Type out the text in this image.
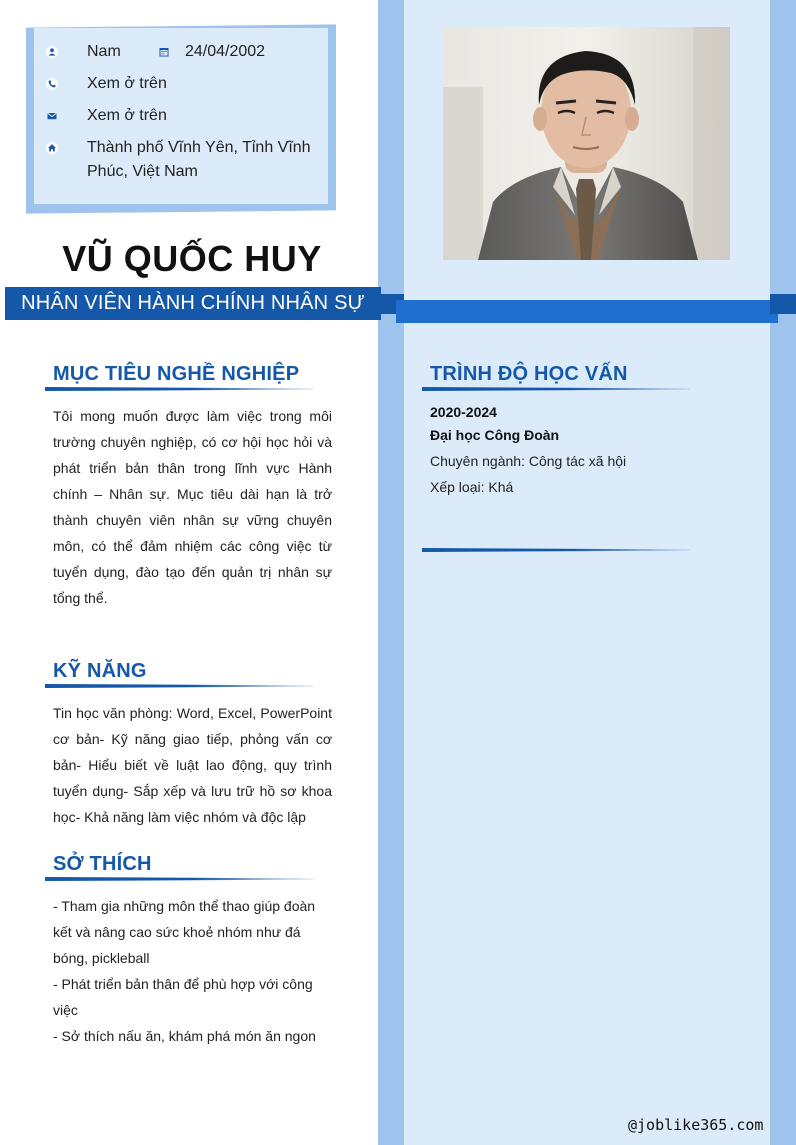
Nam	24/04/2002
Xem ở trên
Xem ở trên
Thành phố Vĩnh Yên, Tỉnh Vĩnh Phúc, Việt Nam
VŨ QUỐC HUY
NHÂN VIÊN HÀNH CHÍNH NHÂN SỰ
MỤC TIÊU NGHỀ NGHIỆP
Tôi mong muốn được làm việc trong môi trường chuyên nghiệp, có cơ hội học hỏi và phát triển bản thân trong lĩnh vực Hành chính – Nhân sự. Mục tiêu dài hạn là trở thành chuyên viên nhân sự vững chuyên môn, có thể đảm nhiệm các công việc từ tuyển dụng, đào tạo đến quản trị nhân sự tổng thể.
KỸ NĂNG
Tin học văn phòng: Word, Excel, PowerPoint cơ bản- Kỹ năng giao tiếp, phỏng vấn cơ bản- Hiểu biết về luật lao động, quy trình tuyển dụng- Sắp xếp và lưu trữ hồ sơ khoa học- Khả năng làm việc nhóm và độc lập
SỞ THÍCH
- Tham gia những môn thể thao giúp đoàn kết và nâng cao sức khoẻ nhóm như đá bóng, pickleball
- Phát triển bản thân để phù hợp với công việc
- Sở thích nấu ăn, khám phá món ăn ngon
TRÌNH ĐỘ HỌC VẤN
2020-2024
Đại học Công Đoàn
Chuyên ngành: Công tác xã hội
Xếp loại: Khá
@joblike365.com
